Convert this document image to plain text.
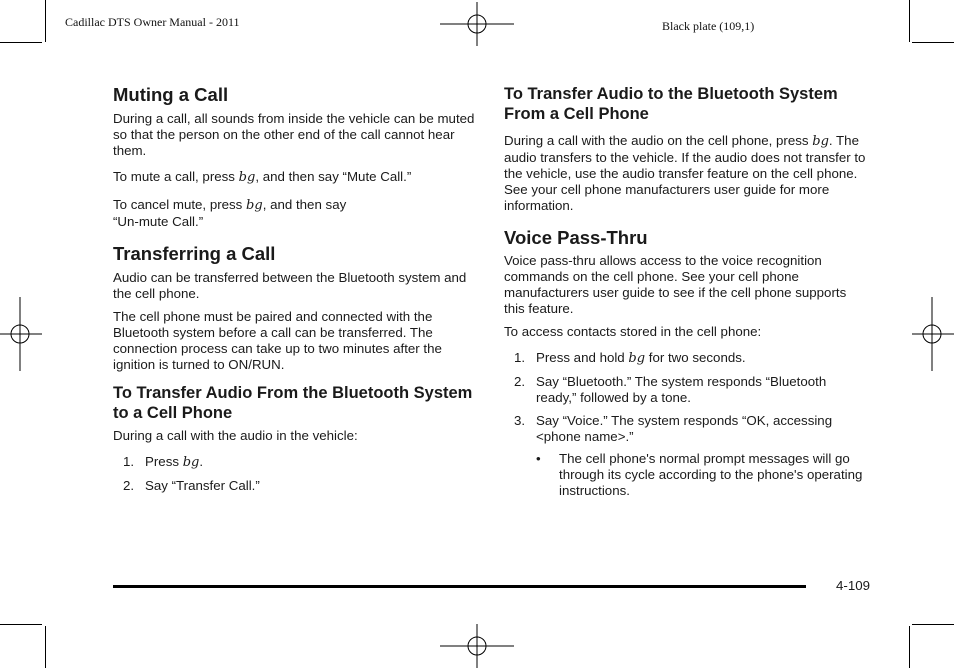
Cadillac DTS Owner Manual - 2011	Black plate (109,1)
Muting a Call

During a call, all sounds from inside the vehicle can be muted so that the person on the other end of the call cannot hear them.

To mute a call, press bg, and then say “Mute Call.”

To cancel mute, press bg, and then say
“Un-mute Call.”

Transferring a Call

Audio can be transferred between the Bluetooth system and the cell phone.

The cell phone must be paired and connected with the Bluetooth system before a call can be transferred. The connection process can take up to two minutes after the ignition is turned to ON/RUN.

To Transfer Audio From the Bluetooth System to a Cell Phone

During a call with the audio in the vehicle:

1. Press bg.
2. Say “Transfer Call.”
To Transfer Audio to the Bluetooth System From a Cell Phone

During a call with the audio on the cell phone, press bg. The audio transfers to the vehicle. If the audio does not transfer to the vehicle, use the audio transfer feature on the cell phone. See your cell phone manufacturers user guide for more information.

Voice Pass-Thru

Voice pass-thru allows access to the voice recognition commands on the cell phone. See your cell phone manufacturers user guide to see if the cell phone supports this feature.

To access contacts stored in the cell phone:

1. Press and hold bg for two seconds.
2. Say “Bluetooth.” The system responds “Bluetooth ready,” followed by a tone.
3. Say “Voice.” The system responds “OK, accessing <phone name>.”
•	The cell phone's normal prompt messages will go through its cycle according to the phone's operating instructions.
4-109
